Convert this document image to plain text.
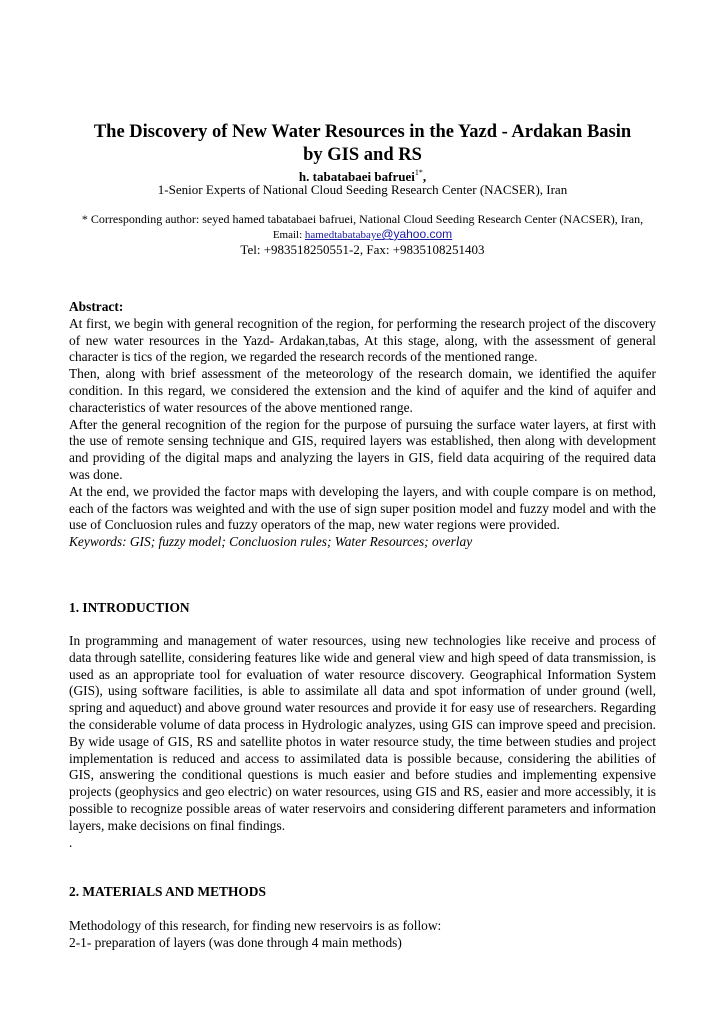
The Discovery of New Water Resources in the Yazd - Ardakan Basin
by GIS and RS
h. tabatabaei bafruei$^{1*}$,
1-Senior Experts of National Cloud Seeding Research Center (NACSER), Iran
* Corresponding author: seyed hamed tabatabaei bafruei, National Cloud Seeding Research Center (NACSER), Iran,
Email: hamedtabatabaye@yahoo.com
Tel: +983518250551-2, Fax: +9835108251403

Abstract:

At first, we begin with general recognition of the region, for performing the research project of the discovery of new water resources in the Yazd- Ardakan,tabas, At this stage, along, with the assessment of general character is tics of the region, we regarded the research records of the mentioned range.

Then, along with brief assessment of the meteorology of the research domain, we identified the aquifer condition. In this regard, we considered the extension and the kind of aquifer and the kind of aquifer and characteristics of water resources of the above mentioned range.

After the general recognition of the region for the purpose of pursuing the surface water layers, at first with the use of remote sensing technique and GIS, required layers was established, then along with development and providing of the digital maps and analyzing the layers in GIS, field data acquiring of the required data was done.

At the end, we provided the factor maps with developing the layers, and with couple compare is on method, each of the factors was weighted and with the use of sign super position model and fuzzy model and with the use of Concluosion rules and fuzzy operators of the map, new water regions were provided.

Keywords: GIS; fuzzy model; Concluosion rules; Water Resources; overlay

1. INTRODUCTION

In programming and management of water resources, using new technologies like receive and process of data through satellite, considering features like wide and general view and high speed of data transmission, is used as an appropriate tool for evaluation of water resource discovery. Geographical Information System (GIS), using software facilities, is able to assimilate all data and spot information of under ground (well, spring and aqueduct) and above ground water resources and provide it for easy use of researchers. Regarding the considerable volume of data process in Hydrologic analyzes, using GIS can improve speed and precision. By wide usage of GIS, RS and satellite photos in water resource study, the time between studies and project implementation is reduced and access to assimilated data is possible because, considering the abilities of GIS, answering the conditional questions is much easier and before studies and implementing expensive projects (geophysics and geo electric) on water resources, using GIS and RS, easier and more accessibly, it is possible to recognize possible areas of water reservoirs and considering different parameters and information layers, make decisions on final findings.

.

2. MATERIALS AND METHODS

Methodology of this research, for finding new reservoirs is as follow:

2-1- preparation of layers (was done through 4 main methods)
